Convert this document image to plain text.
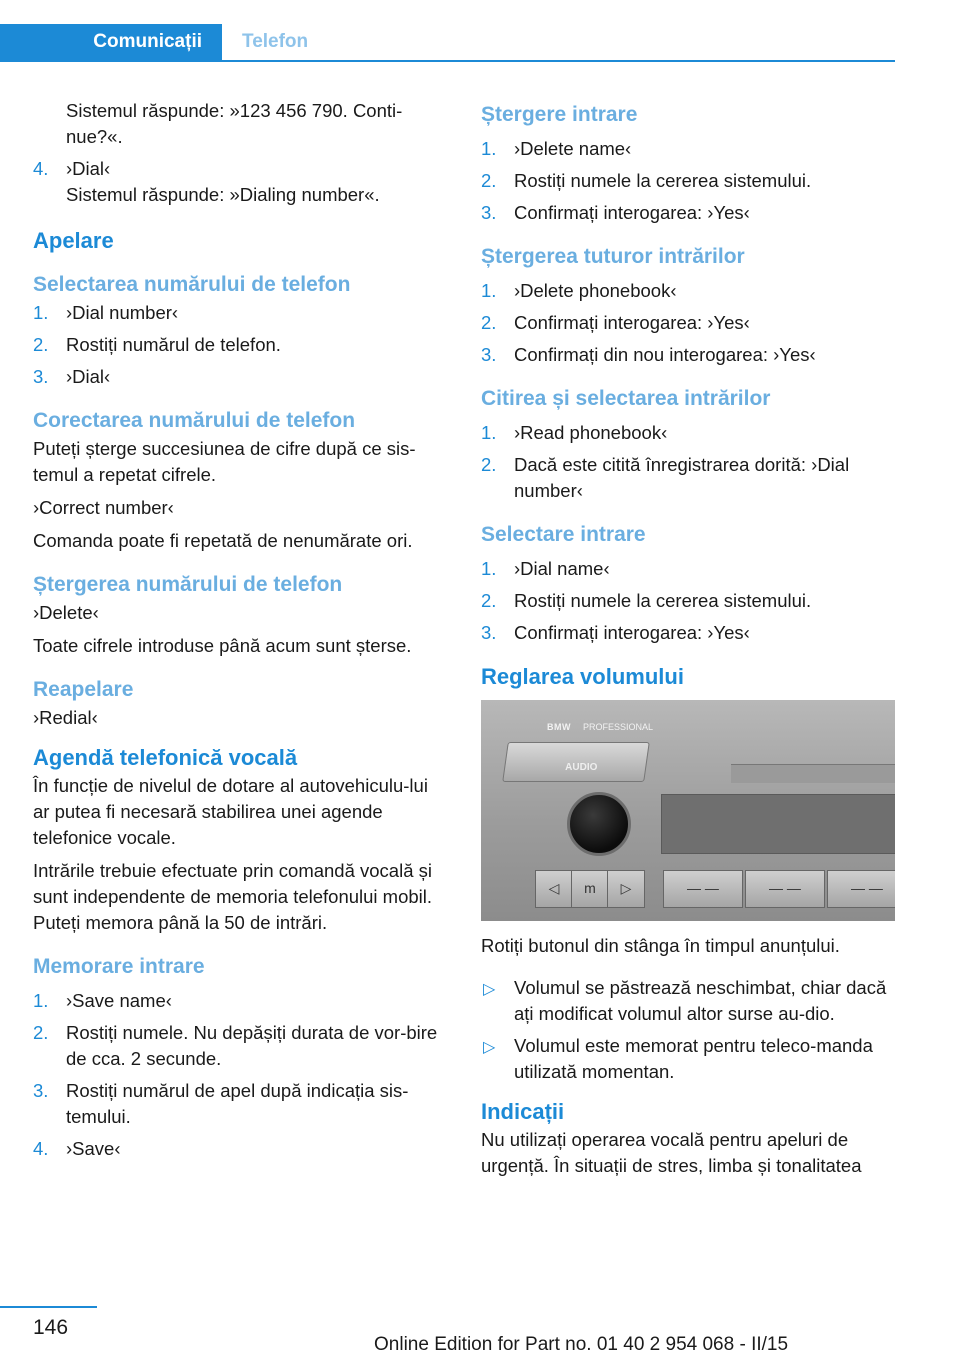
Comunicații	Telefon
Sistemul răspunde: »123 456 790. Conti-
nue?«.
4. ›Dial‹
Sistemul răspunde: »Dialing number«.
Apelare
Selectarea numărului de telefon
1. ›Dial number‹
2. Rostiți numărul de telefon.
3. ›Dial‹
Corectarea numărului de telefon
Puteți șterge succesiunea de cifre după ce sis-temul a repetat cifrele.
›Correct number‹
Comanda poate fi repetată de nenumărate ori.
Ștergerea numărului de telefon
›Delete‹
Toate cifrele introduse până acum sunt șterse.
Reapelare
›Redial‹
Agendă telefonică vocală
În funcție de nivelul de dotare al autovehiculu-lui ar putea fi necesară stabilirea unei agende telefonice vocale.
Intrările trebuie efectuate prin comandă vocală și sunt independente de memoria telefonului mobil. Puteți memora până la 50 de intrări.
Memorare intrare
1. ›Save name‹
2. Rostiți numele. Nu depășiți durata de vor-bire de cca. 2 secunde.
3. Rostiți numărul de apel după indicația sis-temului.
4. ›Save‹
Ștergere intrare
1. ›Delete name‹
2. Rostiți numele la cererea sistemului.
3. Confirmați interogarea: ›Yes‹
Ștergerea tuturor intrărilor
1. ›Delete phonebook‹
2. Confirmați interogarea: ›Yes‹
3. Confirmați din nou interogarea: ›Yes‹
Citirea și selectarea intrărilor
1. ›Read phonebook‹
2. Dacă este citită înregistrarea dorită: ›Dial number‹
Selectare intrare
1. ›Dial name‹
2. Rostiți numele la cererea sistemului.
3. Confirmați interogarea: ›Yes‹
Reglarea volumului
BMW PROFESSIONAL
AUDIO
◁	m	▷	— —	— —	— —
Rotiți butonul din stânga în timpul anunțului.
▷ Volumul se păstrează neschimbat, chiar dacă ați modificat volumul altor surse au-dio.
▷ Volumul este memorat pentru teleco-manda utilizată momentan.
Indicații
Nu utilizați operarea vocală pentru apeluri de urgență. În situații de stres, limba și tonalitatea
146
Online Edition for Part no. 01 40 2 954 068 - II/15
